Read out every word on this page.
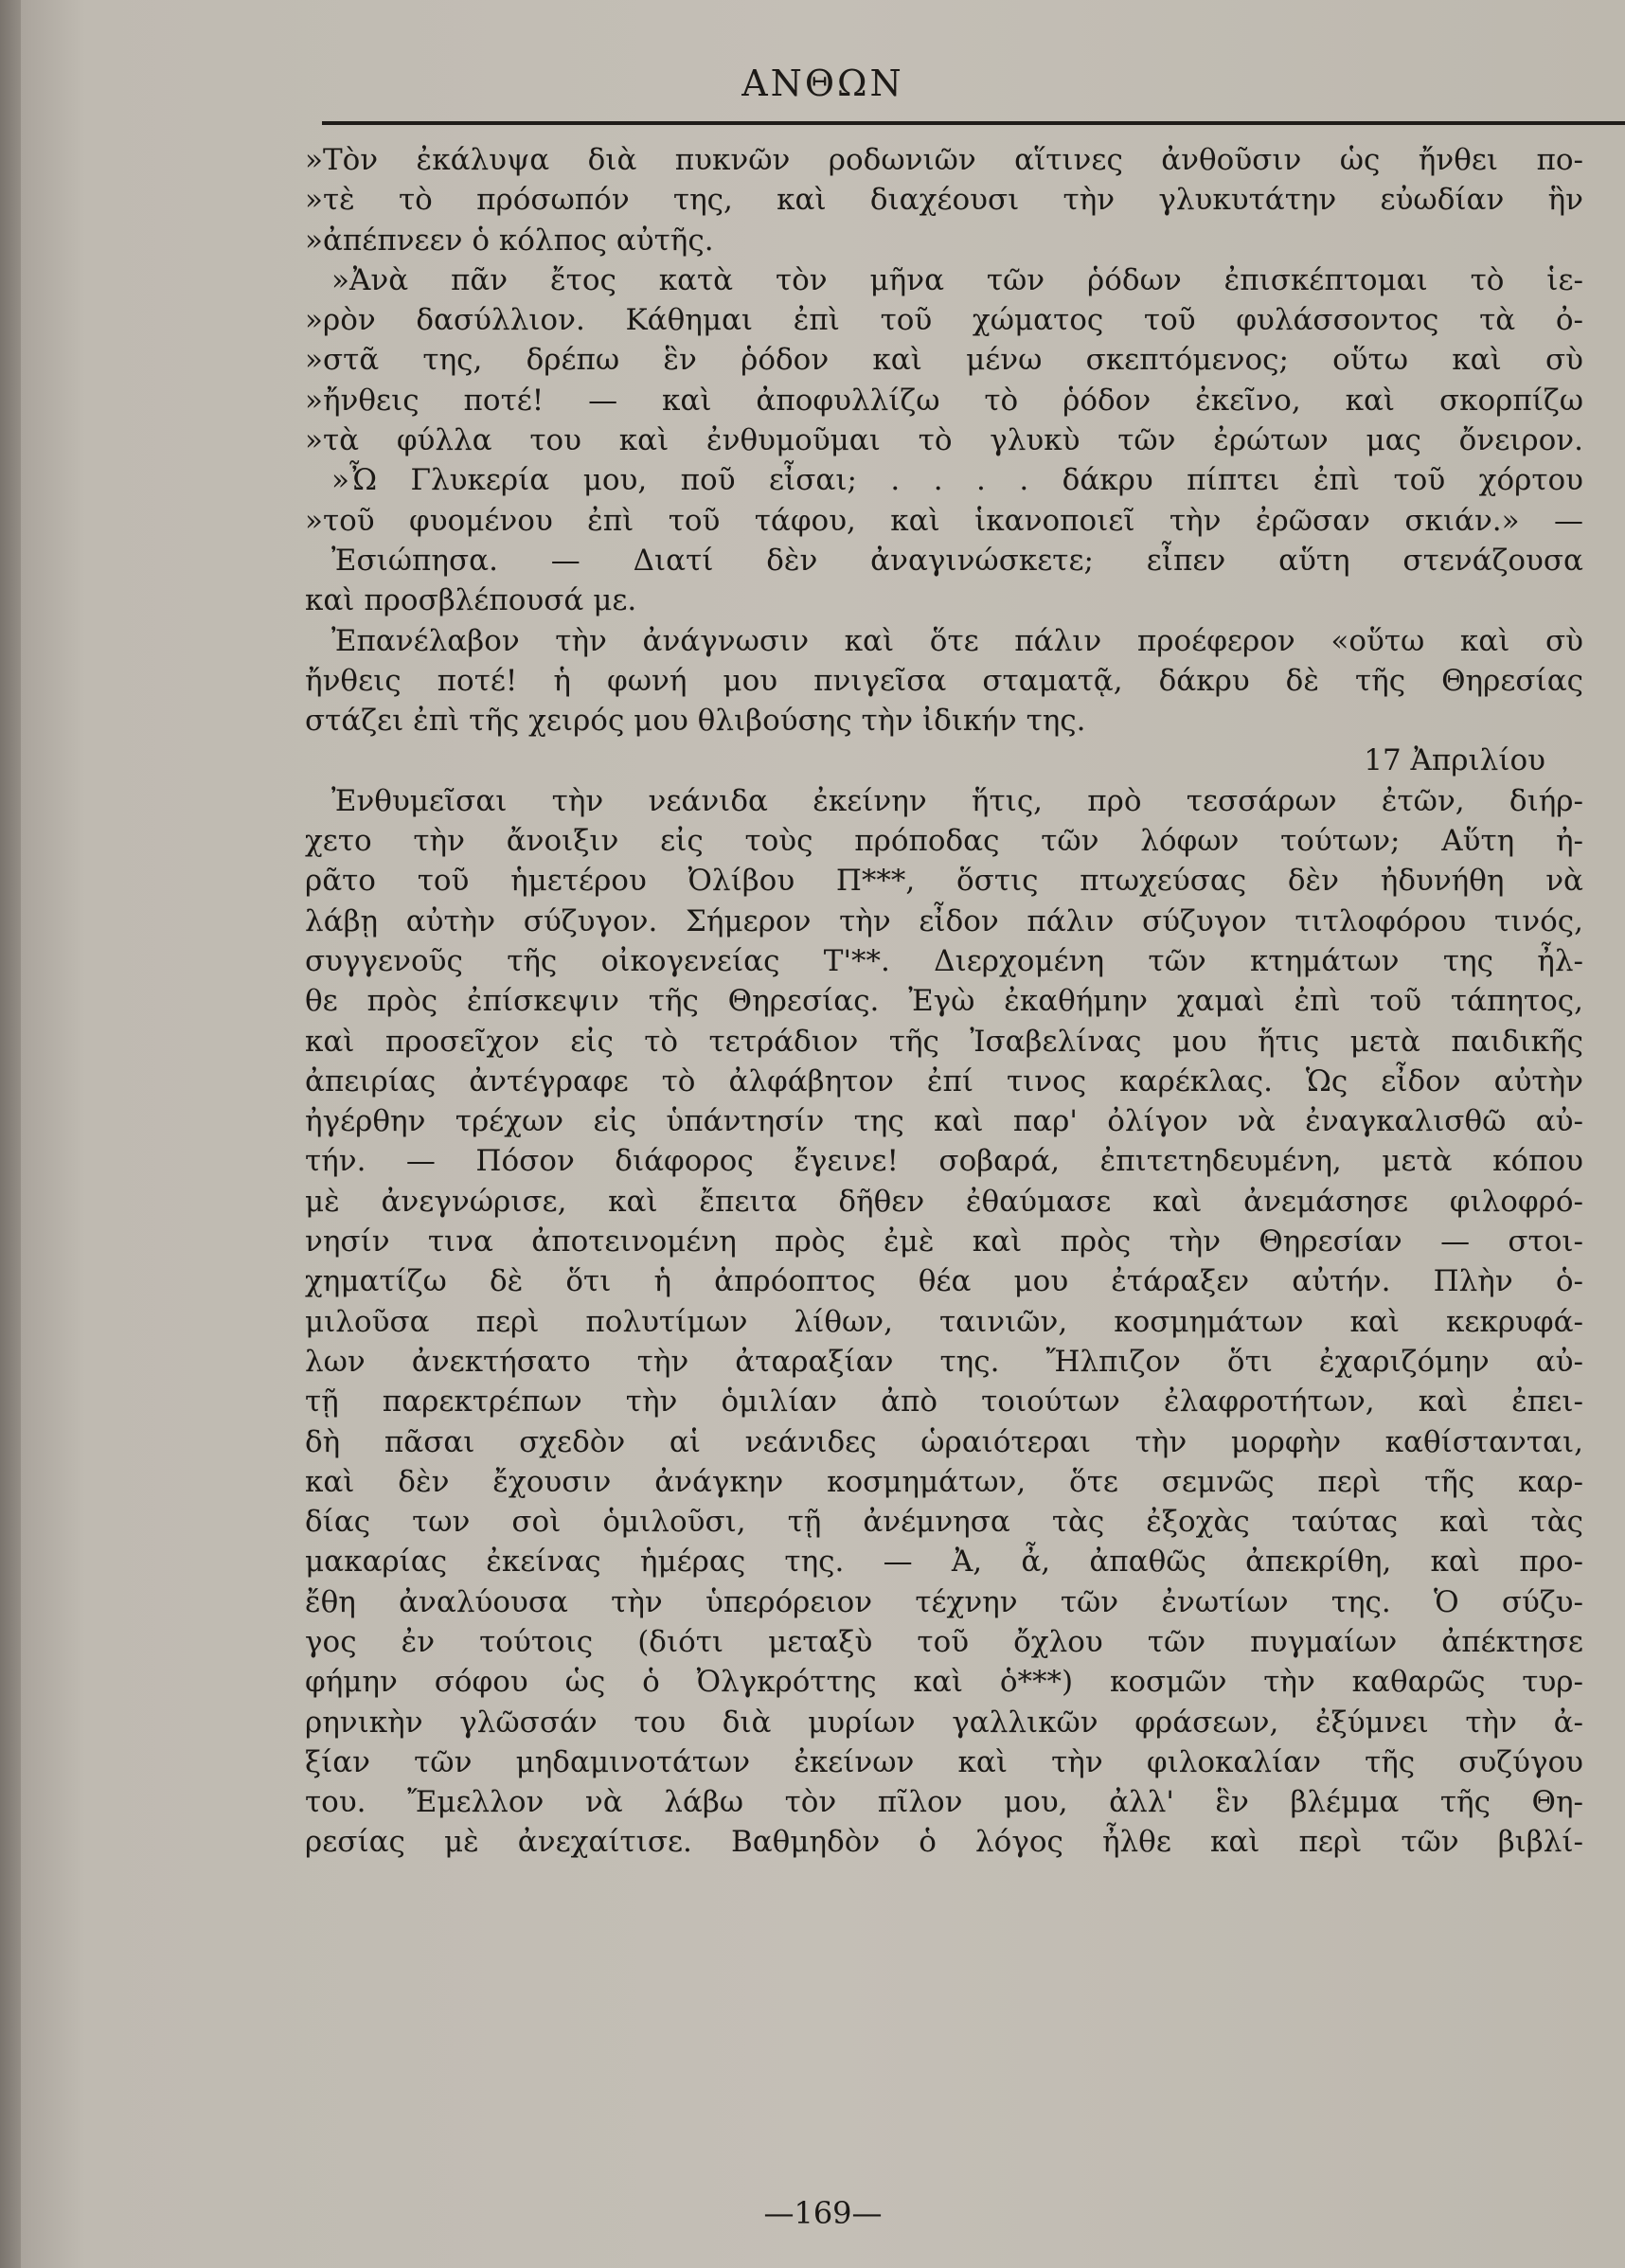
ΑΝΘΩΝ
»Τὸν ἐκάλυψα διὰ πυκνῶν ροδωνιῶν αἵτινες ἀνθοῦσιν ὡς ἤνθει πο-
»τὲ τὸ πρόσωπόν της, καὶ διαχέουσι τὴν γλυκυτάτην εὐωδίαν ἣν
»ἀπέπνεεν ὁ κόλπος αὐτῆς.
»Ἀνὰ πᾶν ἔτος κατὰ τὸν μῆνα τῶν ῥόδων ἐπισκέπτομαι τὸ ἱε-
»ρὸν δασύλλιον. Κάθημαι ἐπὶ τοῦ χώματος τοῦ φυλάσσοντος τὰ ὀ-
»στᾶ της, δρέπω ἓν ῥόδον καὶ μένω σκεπτόμενος; οὕτω καὶ σὺ
»ἤνθεις ποτέ! — καὶ ἀποφυλλίζω τὸ ῥόδον ἐκεῖνο, καὶ σκορπίζω
»τὰ φύλλα του καὶ ἐνθυμοῦμαι τὸ γλυκὺ τῶν ἐρώτων μας ὄνειρον.
»Ὦ Γλυκερία μου, ποῦ εἶσαι; . . . . δάκρυ πίπτει ἐπὶ τοῦ χόρτου
»τοῦ φυομένου ἐπὶ τοῦ τάφου, καὶ ἱκανοποιεῖ τὴν ἐρῶσαν σκιάν.» —
Ἐσιώπησα. — Διατί δὲν ἀναγινώσκετε; εἶπεν αὕτη στενάζουσα
καὶ προσβλέπουσά με.
Ἐπανέλαβον τὴν ἀνάγνωσιν καὶ ὅτε πάλιν προέφερον «οὕτω καὶ σὺ
ἤνθεις ποτέ! ἡ φωνή μου πνιγεῖσα σταματᾷ, δάκρυ δὲ τῆς Θηρεσίας
στάζει ἐπὶ τῆς χειρός μου θλιβούσης τὴν ἰδικήν της.
17 Ἀπριλίου
Ἐνθυμεῖσαι τὴν νεάνιδα ἐκείνην ἥτις, πρὸ τεσσάρων ἐτῶν, διήρ-
χετο τὴν ἄνοιξιν εἰς τοὺς πρόποδας τῶν λόφων τούτων; Αὕτη ἠ-
ρᾶτο τοῦ ἡμετέρου Ὀλίβου Π***, ὅστις πτωχεύσας δὲν ἠδυνήθη νὰ
λάβῃ αὐτὴν σύζυγον. Σήμερον τὴν εἶδον πάλιν σύζυγον τιτλοφόρου τινός,
συγγενοῦς τῆς οἰκογενείας Τ'**. Διερχομένη τῶν κτημάτων της ἦλ-
θε πρὸς ἐπίσκεψιν τῆς Θηρεσίας. Ἐγὼ ἐκαθήμην χαμαὶ ἐπὶ τοῦ τάπητος,
καὶ προσεῖχον εἰς τὸ τετράδιον τῆς Ἰσαβελίνας μου ἥτις μετὰ παιδικῆς
ἀπειρίας ἀντέγραφε τὸ ἀλφάβητον ἐπί τινος καρέκλας. Ὡς εἶδον αὐτὴν
ἠγέρθην τρέχων εἰς ὑπάντησίν της καὶ παρ' ὀλίγον νὰ ἐναγκαλισθῶ αὐ-
τήν. — Πόσον διάφορος ἔγεινε! σοβαρά, ἐπιτετηδευμένη, μετὰ κόπου
μὲ ἀνεγνώρισε, καὶ ἔπειτα δῆθεν ἐθαύμασε καὶ ἀνεμάσησε φιλοφρό-
νησίν τινα ἀποτεινομένη πρὸς ἐμὲ καὶ πρὸς τὴν Θηρεσίαν — στοι-
χηματίζω δὲ ὅτι ἡ ἀπρόοπτος θέα μου ἐτάραξεν αὐτήν. Πλὴν ὁ-
μιλοῦσα περὶ πολυτίμων λίθων, ταινιῶν, κοσμημάτων καὶ κεκρυφά-
λων ἀνεκτήσατο τὴν ἀταραξίαν της. Ἤλπιζον ὅτι ἐχαριζόμην αὐ-
τῇ παρεκτρέπων τὴν ὁμιλίαν ἀπὸ τοιούτων ἐλαφροτήτων, καὶ ἐπει-
δὴ πᾶσαι σχεδὸν αἱ νεάνιδες ὡραιότεραι τὴν μορφὴν καθίστανται,
καὶ δὲν ἔχουσιν ἀνάγκην κοσμημάτων, ὅτε σεμνῶς περὶ τῆς καρ-
δίας των σοὶ ὁμιλοῦσι, τῇ ἀνέμνησα τὰς ἐξοχὰς ταύτας καὶ τὰς
μακαρίας ἐκείνας ἡμέρας της. — Ἀ, ἆ, ἀπαθῶς ἀπεκρίθη, καὶ προ-
ἔθη ἀναλύουσα τὴν ὑπερόρειον τέχνην τῶν ἐνωτίων της. Ὁ σύζυ-
γος ἐν τούτοις (διότι μεταξὺ τοῦ ὄχλου τῶν πυγμαίων ἀπέκτησε
φήμην σόφου ὡς ὁ Ὀλγκρόττης καὶ ὁ***) κοσμῶν τὴν καθαρῶς τυρ-
ρηνικὴν γλῶσσάν του διὰ μυρίων γαλλικῶν φράσεων, ἐξύμνει τὴν ἀ-
ξίαν τῶν μηδαμινοτάτων ἐκείνων καὶ τὴν φιλοκαλίαν τῆς συζύγου
του. Ἔμελλον νὰ λάβω τὸν πῖλον μου, ἀλλ' ἓν βλέμμα τῆς Θη-
ρεσίας μὲ ἀνεχαίτισε. Βαθμηδὸν ὁ λόγος ἦλθε καὶ περὶ τῶν βιβλί-
—169—
